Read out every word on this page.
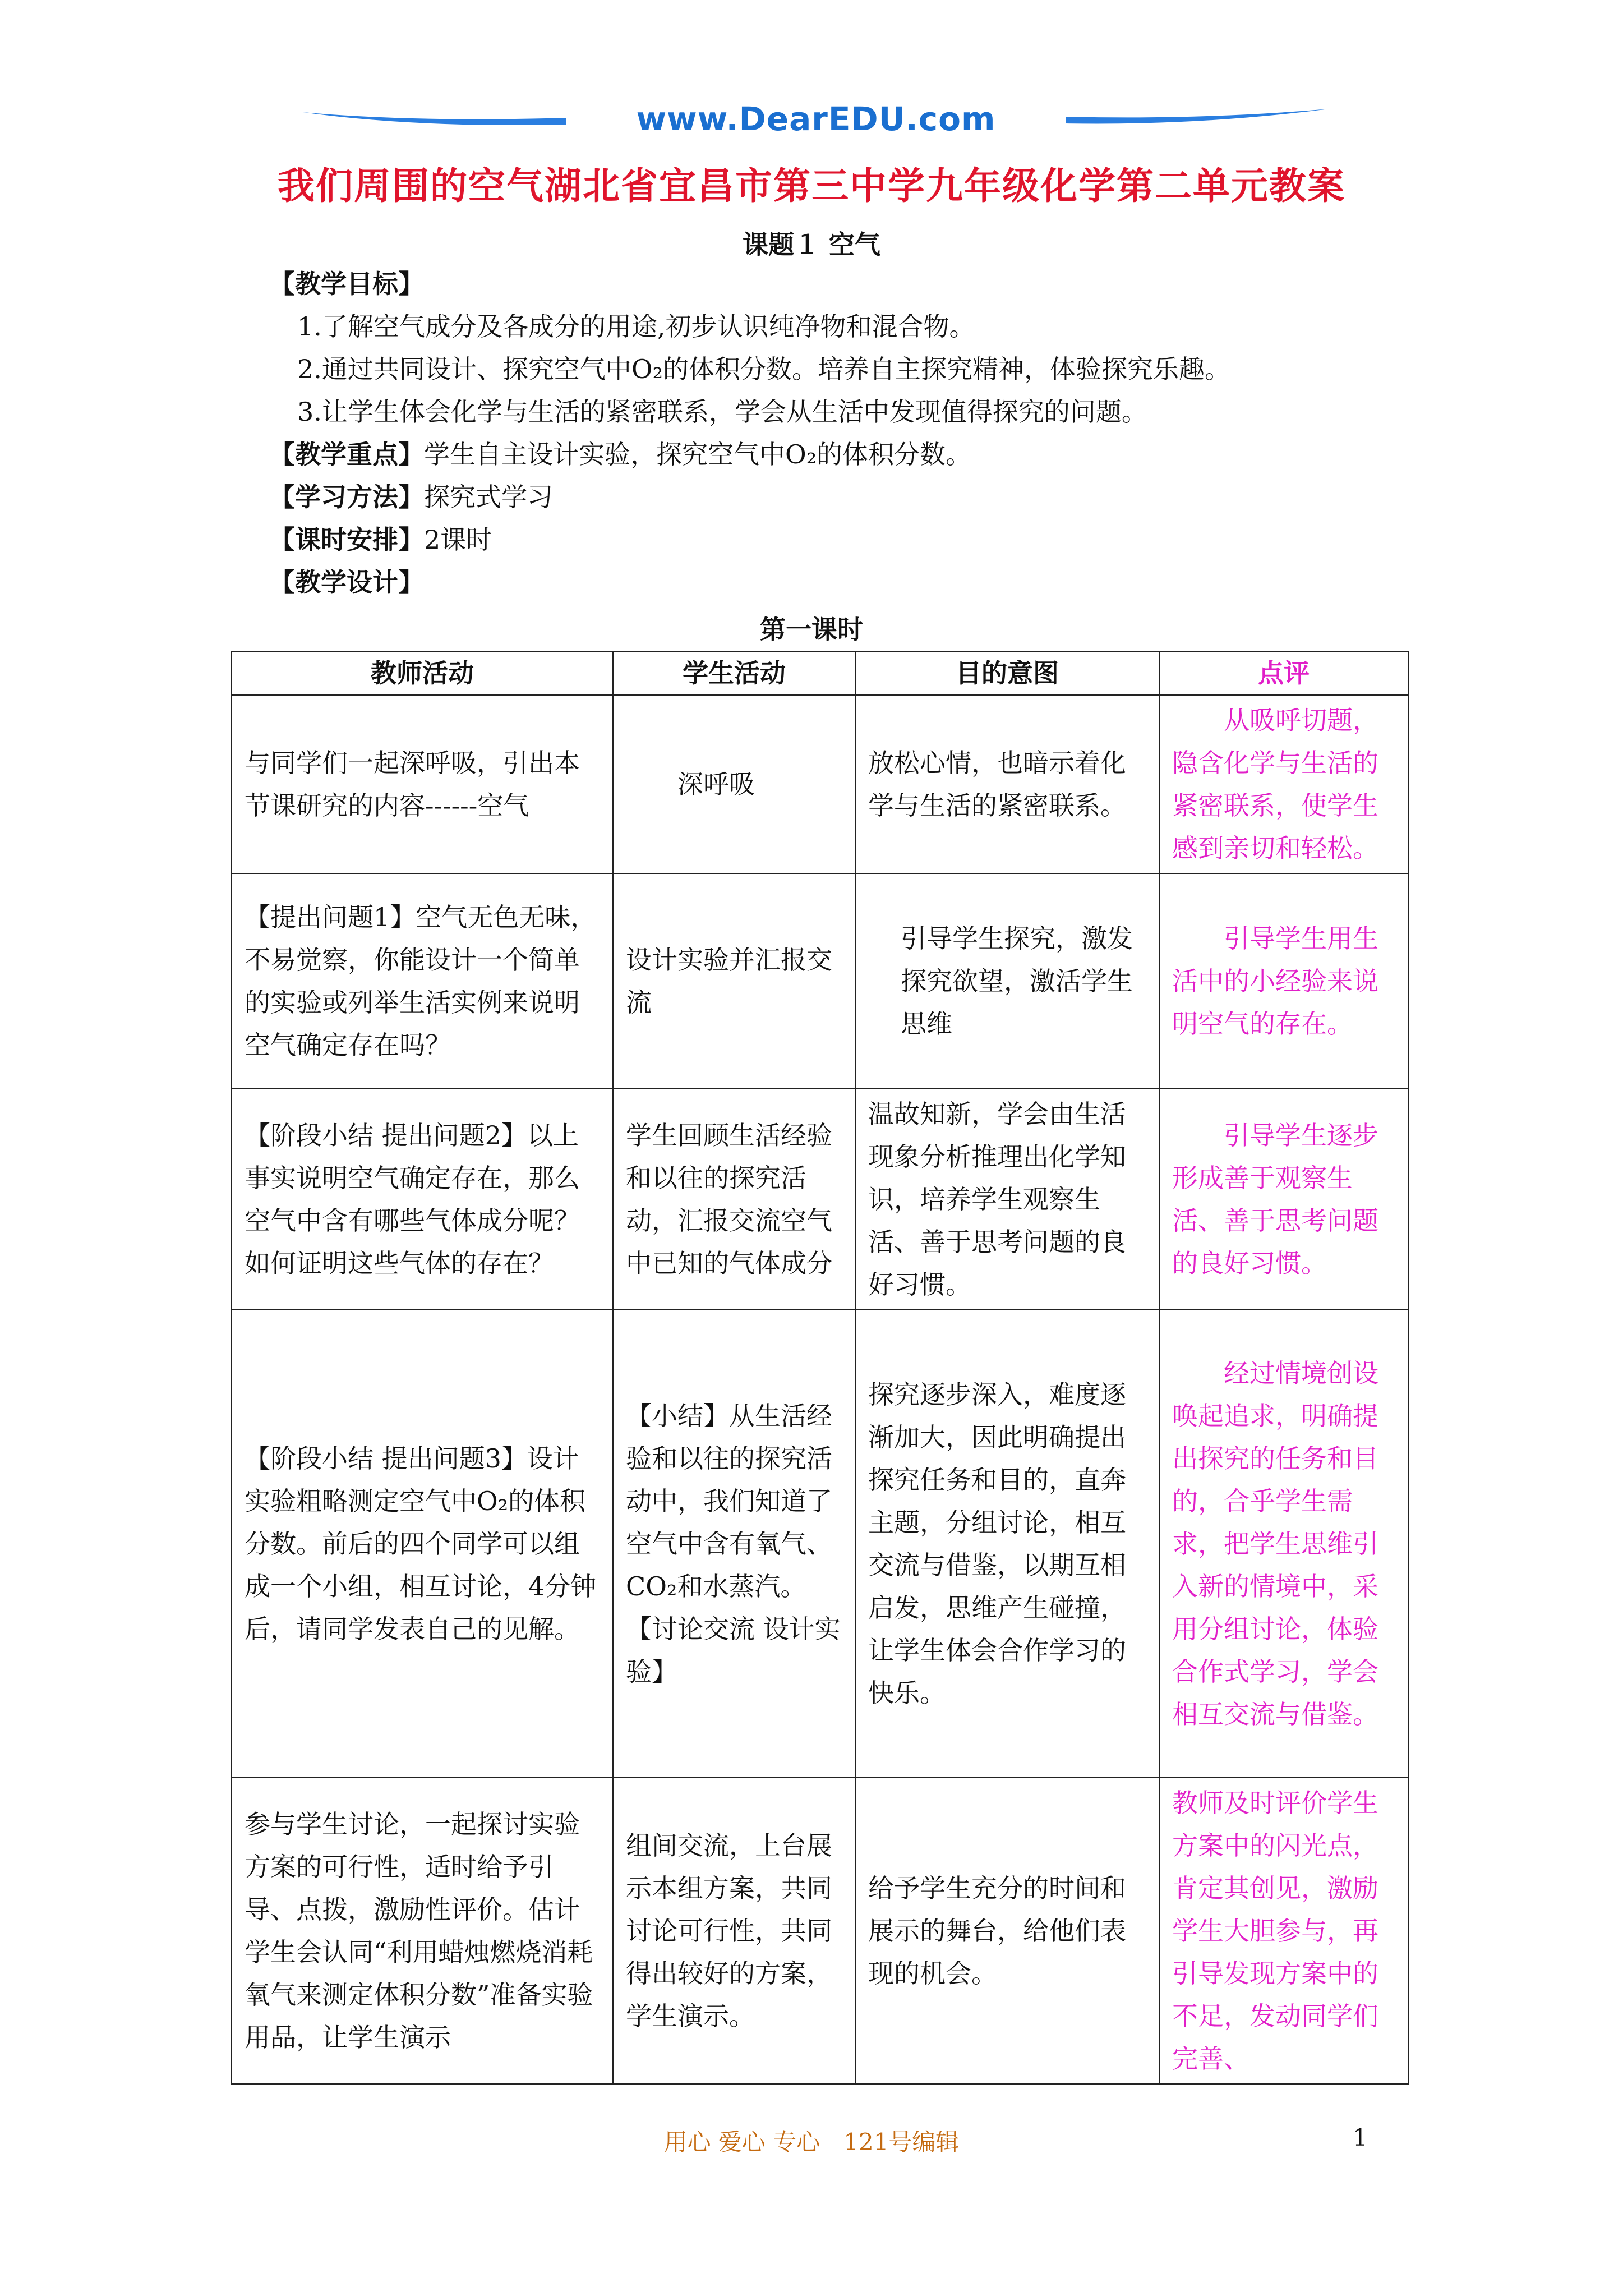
www.DearEDU.com
我们周围的空气湖北省宜昌市第三中学九年级化学第二单元教案
课题１ 空气
【教学目标】
1.了解空气成分及各成分的用途,初步认识纯净物和混合物。
2.通过共同设计、探究空气中O₂的体积分数。培养自主探究精神，体验探究乐趣。
3.让学生体会化学与生活的紧密联系，学会从生活中发现值得探究的问题。
【教学重点】学生自主设计实验，探究空气中O₂的体积分数。
【学习方法】探究式学习
【课时安排】2课时
【教学设计】
第一课时
教师活动	学生活动	目的意图	点评
与同学们一起深呼吸，引出本节课研究的内容------空气	深呼吸	放松心情，也暗示着化学与生活的紧密联系。	从吸呼切题，隐含化学与生活的紧密联系，使学生感到亲切和轻松。
【提出问题1】空气无色无味，不易觉察，你能设计一个简单的实验或列举生活实例来说明空气确定存在吗？	设计实验并汇报交流	引导学生探究，激发探究欲望，激活学生思维	引导学生用生活中的小经验来说明空气的存在。
【阶段小结 提出问题2】以上事实说明空气确定存在，那么空气中含有哪些气体成分呢？如何证明这些气体的存在？	学生回顾生活经验和以往的探究活动，汇报交流空气中已知的气体成分	温故知新，学会由生活现象分析推理出化学知识，培养学生观察生活、善于思考问题的良好习惯。	引导学生逐步形成善于观察生活、善于思考问题的良好习惯。
【阶段小结 提出问题3】设计实验粗略测定空气中O₂的体积分数。前后的四个同学可以组成一个小组，相互讨论，4分钟后，请同学发表自己的见解。	【小结】从生活经验和以往的探究活动中，我们知道了空气中含有氧气、CO₂和水蒸汽。【讨论交流 设计实验】	探究逐步深入，难度逐渐加大，因此明确提出探究任务和目的，直奔主题，分组讨论，相互交流与借鉴，以期互相启发，思维产生碰撞，让学生体会合作学习的快乐。	经过情境创设唤起追求，明确提出探究的任务和目的，合乎学生需求，把学生思维引入新的情境中，采用分组讨论，体验合作式学习，学会相互交流与借鉴。
参与学生讨论，一起探讨实验方案的可行性，适时给予引导、点拨，激励性评价。估计学生会认同“利用蜡烛燃烧消耗氧气来测定体积分数”准备实验用品，让学生演示	组间交流，上台展示本组方案，共同讨论可行性，共同得出较好的方案，学生演示。	给予学生充分的时间和展示的舞台，给他们表现的机会。	教师及时评价学生方案中的闪光点，肯定其创见，激励学生大胆参与，再引导发现方案中的不足，发动同学们完善、
用心 爱心 专心　121号编辑	1
